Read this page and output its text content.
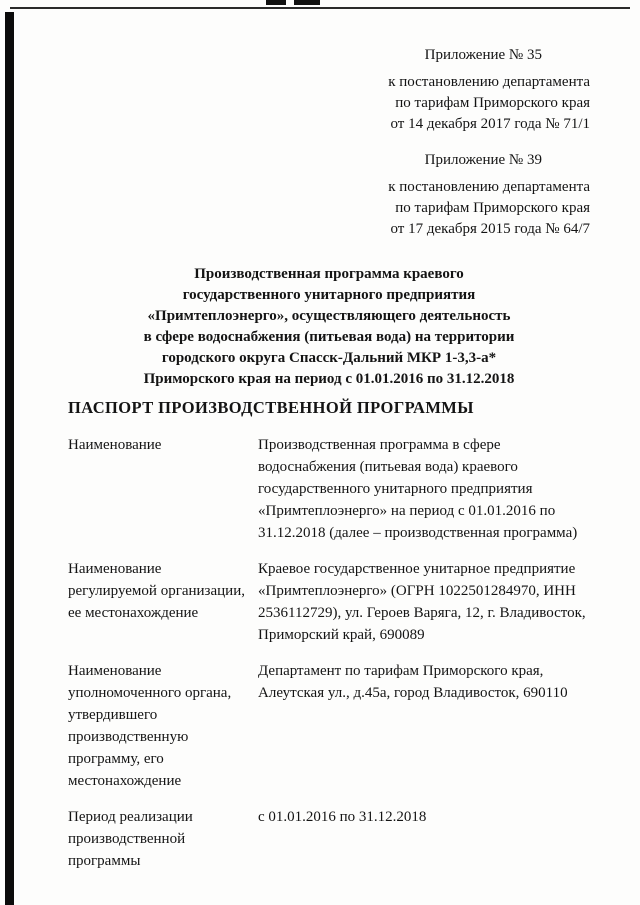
Приложение № 35
к постановлению департамента
по тарифам Приморского края
от 14 декабря 2017 года № 71/1
Приложение № 39
к постановлению департамента
по тарифам Приморского края
от 17 декабря 2015 года № 64/7
Производственная программа краевого
государственного унитарного предприятия
«Примтеплоэнерго», осуществляющего деятельность
в сфере водоснабжения (питьевая вода) на территории
городского округа Спасск-Дальний МКР 1-3,3-а*
Приморского края на период с 01.01.2016 по 31.12.2018
ПАСПОРТ ПРОИЗВОДСТВЕННОЙ ПРОГРАММЫ
Наименование	Производственная программа в сфере водоснабжения (питьевая вода) краевого государственного унитарного предприятия «Примтеплоэнерго» на период с 01.01.2016 по 31.12.2018 (далее – производственная программа)
Наименование регулируемой организации, ее местонахождение
Краевое государственное унитарное предприятие «Примтеплоэнерго» (ОГРН 1022501284970, ИНН 2536112729), ул. Героев Варяга, 12, г. Владивосток, Приморский край, 690089
Наименование уполномоченного органа, утвердившего производственную программу, его местонахождение
Департамент по тарифам Приморского края, Алеутская ул., д.45а, город Владивосток, 690110
Период реализации производственной программы
с 01.01.2016 по 31.12.2018
